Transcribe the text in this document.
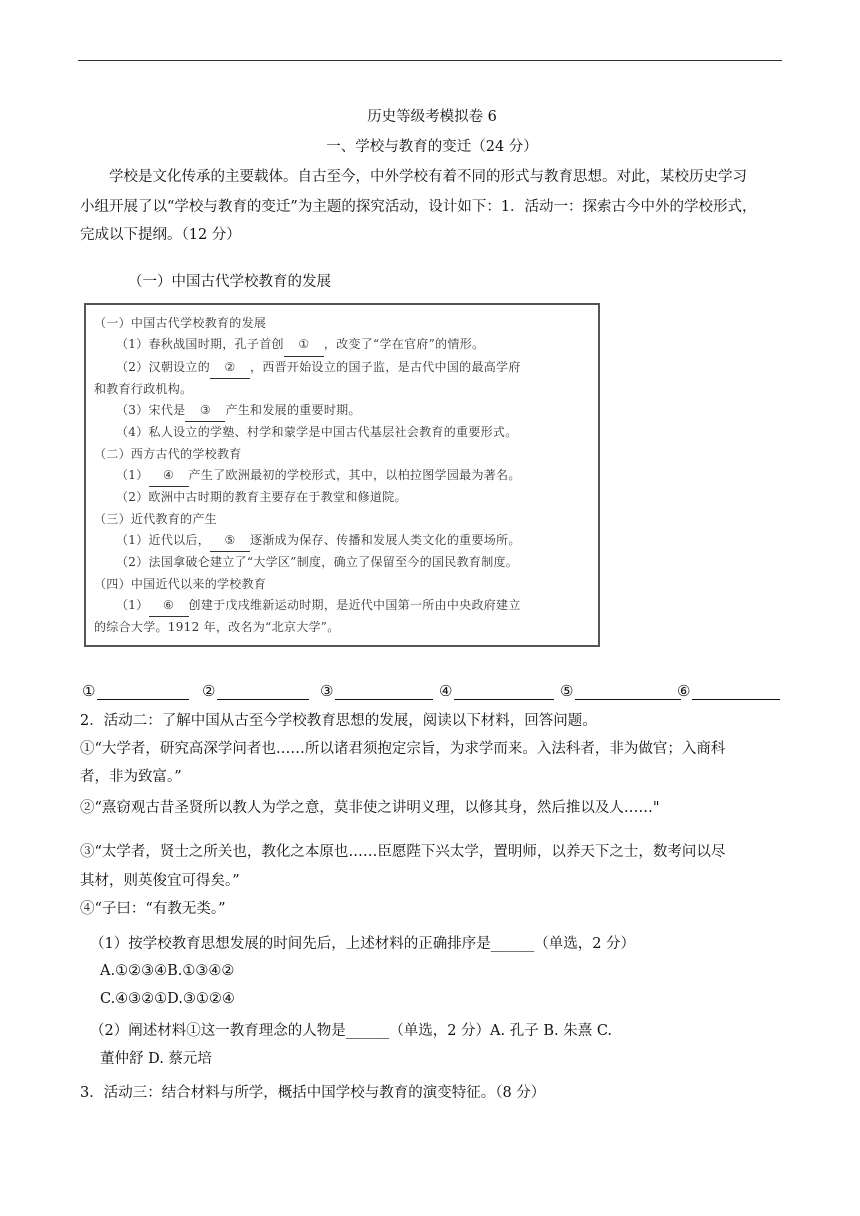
历史等级考模拟卷 6
一、学校与教育的变迁（24 分）
学校是文化传承的主要载体。自古至今，中外学校有着不同的形式与教育思想。对此，某校历史学习
小组开展了以“学校与教育的变迁”为主题的探究活动，设计如下：1．活动一：探索古今中外的学校形式，
完成以下提纲。（12 分）
（一）中国古代学校教育的发展
（一）中国古代学校教育的发展
（1）春秋战国时期，孔子首创 ① ，改变了“学在官府”的情形。
（2）汉朝设立的 ② ，西晋开始设立的国子监，是古代中国的最高学府
和教育行政机构。
（3）宋代是 ③ 产生和发展的重要时期。
（4）私人设立的学塾、村学和蒙学是中国古代基层社会教育的重要形式。
（二）西方古代的学校教育
（1） ④ 产生了欧洲最初的学校形式，其中，以柏拉图学园最为著名。
（2）欧洲中古时期的教育主要存在于教堂和修道院。
（三）近代教育的产生
（1）近代以后， ⑤ 逐渐成为保存、传播和发展人类文化的重要场所。
（2）法国拿破仑建立了“大学区”制度，确立了保留至今的国民教育制度。
（四）中国近代以来的学校教育
（1） ⑥ 创建于戊戌维新运动时期，是近代中国第一所由中央政府建立
的综合大学。1912 年，改名为“北京大学”。
①	②	③	④	⑤	⑥
2．活动二：了解中国从古至今学校教育思想的发展，阅读以下材料，回答问题。
①“大学者，研究高深学问者也……所以诸君须抱定宗旨，为求学而来。入法科者，非为做官；入商科
者，非为致富。”
②“熹窃观古昔圣贤所以教人为学之意，莫非使之讲明义理，以修其身，然后推以及人……"
③“太学者，贤士之所关也，教化之本原也……臣愿陛下兴太学，置明师，以养天下之士，数考问以尽
其材，则英俊宜可得矣。”
④“子曰：“有教无类。”
（1）按学校教育思想发展的时间先后，上述材料的正确排序是______（单选，2 分）
A.①②③④B.①③④②
C.④③②①D.③①②④
（2）阐述材料①这一教育理念的人物是______（单选，2 分）A. 孔子 B. 朱熹 C.
董仲舒 D. 蔡元培
3．活动三：结合材料与所学，概括中国学校与教育的演变特征。（8 分）
